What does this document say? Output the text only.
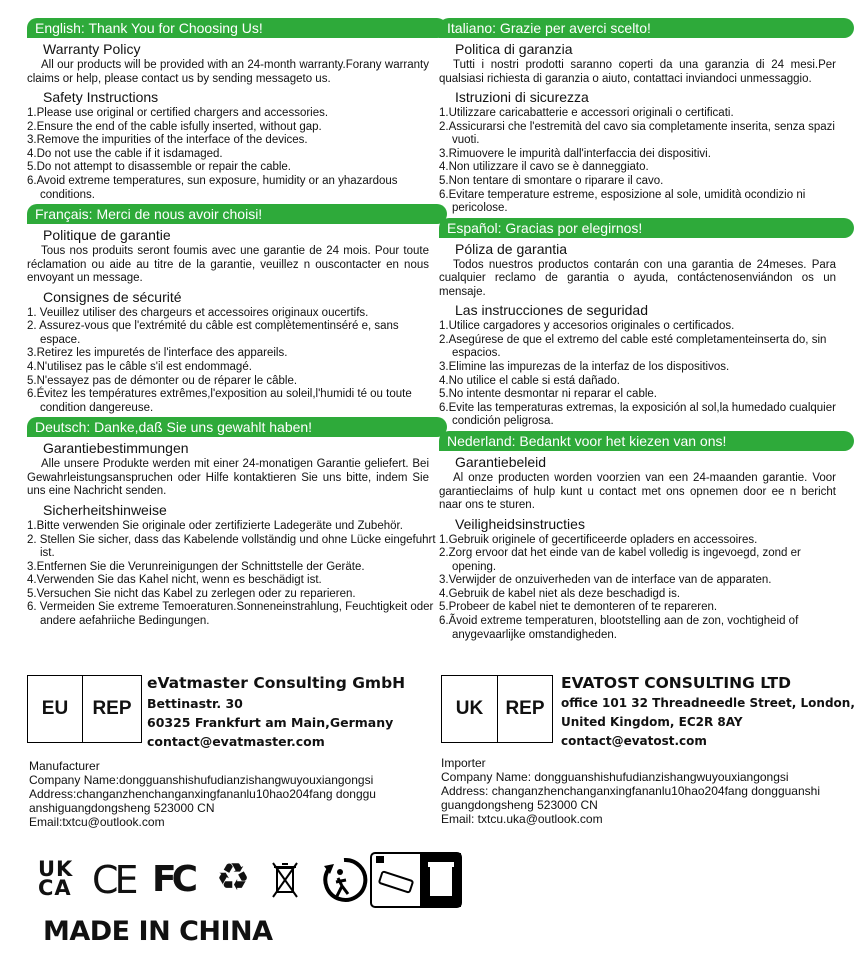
English: Thank You for Choosing Us!
Warranty Policy
All our products will be provided with an 24-month warranty.Forany warranty claims or help, please contact us by sending messageto us.
Safety Instructions
1.Please use original or certified chargers and accessories.
2.Ensure the end of the cable isfully inserted, without gap.
3.Remove the impurities of the interface of the devices.
4.Do not use the cable if it isdamaged.
5.Do not attempt to disassemble or repair the cable.
6.Avoid extreme temperatures, sun exposure, humidity or an yhazardous conditions.
Français: Merci de nous avoir choisi!
Politique de garantie
Tous nos produits seront foumis avec une garantie de 24 mois. Pour toute réclamation ou aide au titre de la garantie, veuillez n ouscontacter en nous envoyant un message.
Consignes de sécurité
1. Veuillez utiliser des chargeurs et accessoires originaux oucertifs.
2. Assurez-vous que l'extrémité du câble est complètementinséré e, sans espace.
3.Retirez les impuretés de l'interface des appareils.
4.N'utilisez pas le câble s'il est endommagé.
5.N'essayez pas de démonter ou de réparer le câble.
6.Évitez les températures extrêmes,l'exposition au soleil,l'humidi té ou toute condition dangereuse.
Deutsch: Danke,daß Sie uns gewahlt haben!
Garantiebestimmungen
Alle unsere Produkte werden mit einer 24-monatigen Garantie geliefert. Bei Gewahrleistungsanspruchen oder Hilfe kontaktieren Sie uns bitte, indem Sie uns eine Nachricht senden.
Sicherheitshinweise
1.Bitte verwenden Sie originale oder zertifizierte Ladegeräte und Zubehör.
2. Stellen Sie sicher, dass das Kabelende vollständig und ohne Lücke eingefuhrt ist.
3.Entfernen Sie die Verunreinigungen der Schnittstelle der Geräte.
4.Verwenden Sie das Kahel nicht, wenn es beschädigt ist.
5.Versuchen Sie nicht das Kabel zu zerlegen oder zu reparieren.
6. Vermeiden Sie extreme Temoeraturen.Sonneneinstrahlung, Feuchtigkeit oder andere aefahriiche Bedingungen.
Italiano: Grazie per averci scelto!
Politica di garanzia
Tutti i nostri prodotti saranno coperti da una garanzia di 24 mesi.Per qualsiasi richiesta di garanzia o aiuto, contattaci inviandoci unmessaggio.
Istruzioni di sicurezza
1.Utilizzare caricabatterie e accessori originali o certificati.
2.Assicurarsi che l'estremità del cavo sia completamente inserita, senza spazi vuoti.
3.Rimuovere le impurità dall'interfaccia dei dispositivi.
4.Non utilizzare il cavo se è danneggiato.
5.Non tentare di smontare o riparare il cavo.
6.Evitare temperature estreme, esposizione al sole, umidità ocondizio ni pericolose.
Español: Gracias por elegirnos!
Póliza de garantia
Todos nuestros productos contarán con una garantia de 24meses. Para cualquier reclamo de garantia o ayuda, contáctenosenviándon os un mensaje.
Las instrucciones de seguridad
1.Utilice cargadores y accesorios originales o certificados.
2.Asegúrese de que el extremo del cable esté completamenteinserta do, sin espacios.
3.Elimine las impurezas de la interfaz de los dispositivos.
4.No utilice el cable si está dañado.
5.No intente desmontar ni reparar el cable.
6.Evite las temperaturas extremas, la exposición al sol,la humedado cualquier condición peligrosa.
Nederland: Bedankt voor het kiezen van ons!
Garantiebeleid
Al onze producten worden voorzien van een 24-maanden garantie. Voor garantieclaims of hulp kunt u contact met ons opnemen door ee n bericht naar ons te sturen.
Veiligheidsinstructies
1.Gebruik originele of gecertificeerde opladers en accessoires.
2.Zorg ervoor dat het einde van de kabel volledig is ingevoegd, zond er opening.
3.Verwijder de onzuiverheden van de interface van de apparaten.
4.Gebruik de kabel niet als deze beschadigd is.
5.Probeer de kabel niet te demonteren of te repareren.
6.Ãvoid extreme temperaturen, blootstelling aan de zon, vochtigheid of anygevaarlijke omstandigheden.
EU	REP
eVatmaster Consulting GmbH
Bettinastr. 30
60325 Frankfurt am Main,Germany
contact@evatmaster.com
UK	REP
EVATOST CONSULTING LTD
office 101 32 Threadneedle Street, London,
United Kingdom, EC2R 8AY
contact@evatost.com
Manufacturer
Company Name:dongguanshishufudianzishangwuyouxiangongsi
Address:changanzhenchanganxingfananlu10hao204fang donggu anshiguangdongsheng 523000 CN
Email:txtcu@outlook.com
Importer
Company Name: dongguanshishufudianzishangwuyouxiangongsi
Address: changanzhenchanganxingfananlu10hao204fang dongguanshi guangdongsheng 523000 CN
Email: txtcu.uka@outlook.com
UK
CA CE FC ♻
MADE IN CHINA
